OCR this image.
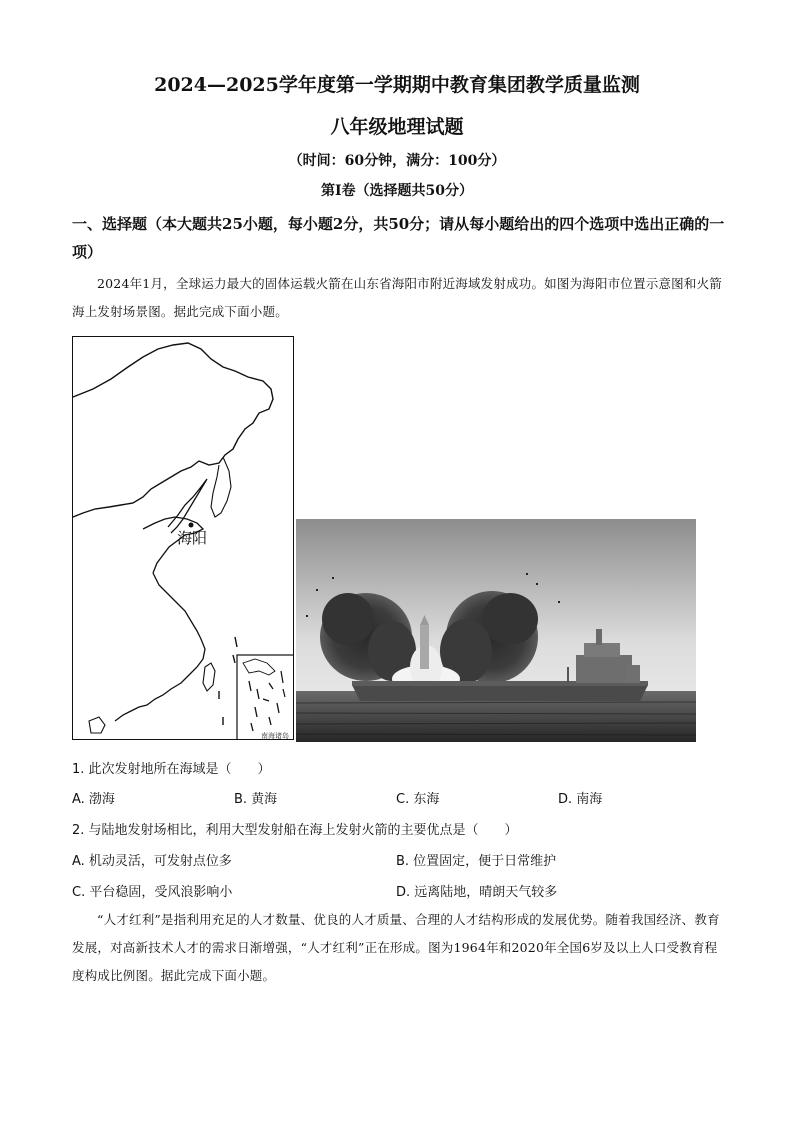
2024—2025学年度第一学期期中教育集团教学质量监测
八年级地理试题
（时间：60分钟，满分：100分）
第Ⅰ卷（选择题共50分）
一、选择题（本大题共25小题，每小题2分，共50分；请从每小题给出的四个选项中选出正确的一项）
2024年1月，全球运力最大的固体运载火箭在山东省海阳市附近海域发射成功。如图为海阳市位置示意图和火箭海上发射场景图。据此完成下面小题。
海阳
南海诸岛
1. 此次发射地所在海域是（　　）
A. 渤海	B. 黄海	C. 东海	D. 南海
2. 与陆地发射场相比，利用大型发射船在海上发射火箭的主要优点是（　　）
A. 机动灵活，可发射点位多	B. 位置固定，便于日常维护
C. 平台稳固，受风浪影响小	D. 远离陆地，晴朗天气较多
“人才红利”是指利用充足的人才数量、优良的人才质量、合理的人才结构形成的发展优势。随着我国经济、教育发展，对高新技术人才的需求日渐增强，“人才红利”正在形成。图为1964年和2020年全国6岁及以上人口受教育程度构成比例图。据此完成下面小题。
